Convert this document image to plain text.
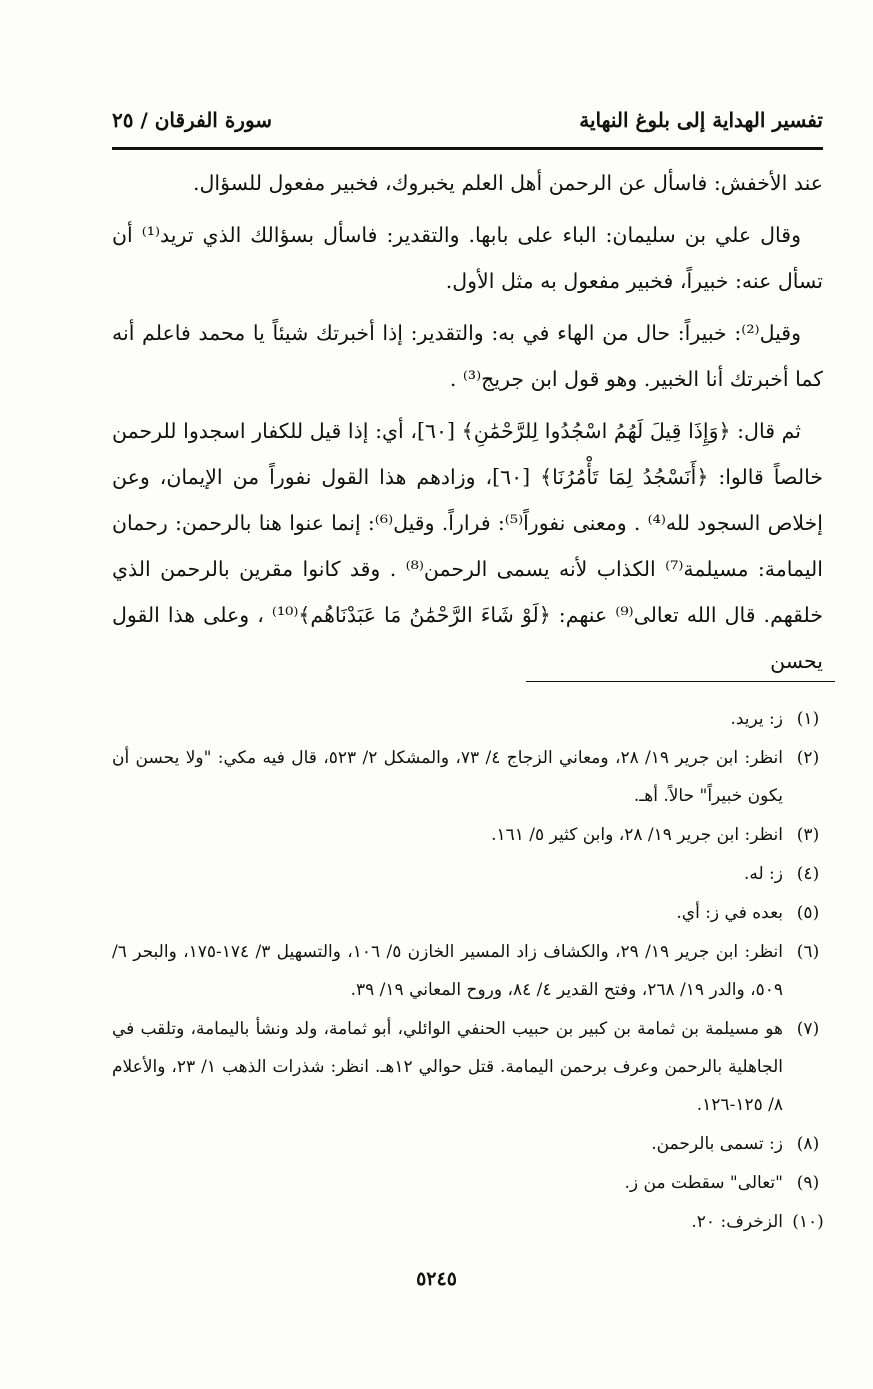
تفسير الهداية إلى بلوغ النهاية
سورة الفرقان / ٢٥

عند الأخفش: فاسأل عن الرحمن أهل العلم يخبروك، فخبير مفعول للسؤال.

وقال علي بن سليمان: الباء على بابها. والتقدير: فاسأل بسؤالك الذي تريد⁽¹⁾ أن تسأل عنه: خبيراً، فخبير مفعول به مثل الأول.

وقيل⁽²⁾: خبيراً: حال من الهاء في به: والتقدير: إذا أخبرتك شيئاً يا محمد فاعلم أنه كما أخبرتك أنا الخبير. وهو قول ابن جريج⁽³⁾ .

ثم قال: ﴿وَإِذَا قِيلَ لَهُمُ اسْجُدُوا لِلرَّحْمَٰنِ﴾ [٦٠]، أي: إذا قيل للكفار اسجدوا للرحمن خالصاً قالوا: ﴿أَنَسْجُدُ لِمَا تَأْمُرُنَا﴾ [٦٠]، وزادهم هذا القول نفوراً من الإيمان، وعن إخلاص السجود لله⁽⁴⁾ . ومعنى نفوراً⁽⁵⁾: فراراً. وقيل⁽⁶⁾: إنما عنوا هنا بالرحمن: رحمان اليمامة: مسيلمة⁽⁷⁾ الكذاب لأنه يسمى الرحمن⁽⁸⁾ . وقد كانوا مقرين بالرحمن الذي خلقهم. قال الله تعالى⁽⁹⁾ عنهم: ﴿لَوْ شَاءَ الرَّحْمَٰنُ مَا عَبَدْنَاهُم﴾⁽¹⁰⁾ ، وعلى هذا القول يحسن

(١)
ز: يريد.
(٢)
انظر: ابن جرير ١٩/ ٢٨، ومعاني الزجاج ٤/ ٧٣، والمشكل ٢/ ٥٢٣، قال فيه مكي: "ولا يحسن أن يكون خبيراً" حالاً. أهـ.
(٣)
انظر: ابن جرير ١٩/ ٢٨، وابن كثير ٥/ ١٦١.
(٤)
ز: له.
(٥)
بعده في ز: أي.
(٦)
انظر: ابن جرير ١٩/ ٢٩، والكشاف زاد المسير الخازن ٥/ ١٠٦، والتسهيل ٣/ ١٧٤-١٧٥، والبحر ٦/ ٥٠٩، والدر ١٩/ ٢٦٨، وفتح القدير ٤/ ٨٤، وروح المعاني ١٩/ ٣٩.
(٧)
هو مسيلمة بن ثمامة بن كبير بن حبيب الحنفي الوائلي، أبو ثمامة، ولد ونشأ باليمامة، وتلقب في الجاهلية بالرحمن وعرف برحمن اليمامة. قتل حوالي ١٢هـ. انظر: شذرات الذهب ١/ ٢٣، والأعلام ٨/ ١٢٥-١٢٦.
(٨)
ز: تسمى بالرحمن.
(٩)
"تعالى" سقطت من ز.
(١٠)
الزخرف: ٢٠.
٥٢٤٥
